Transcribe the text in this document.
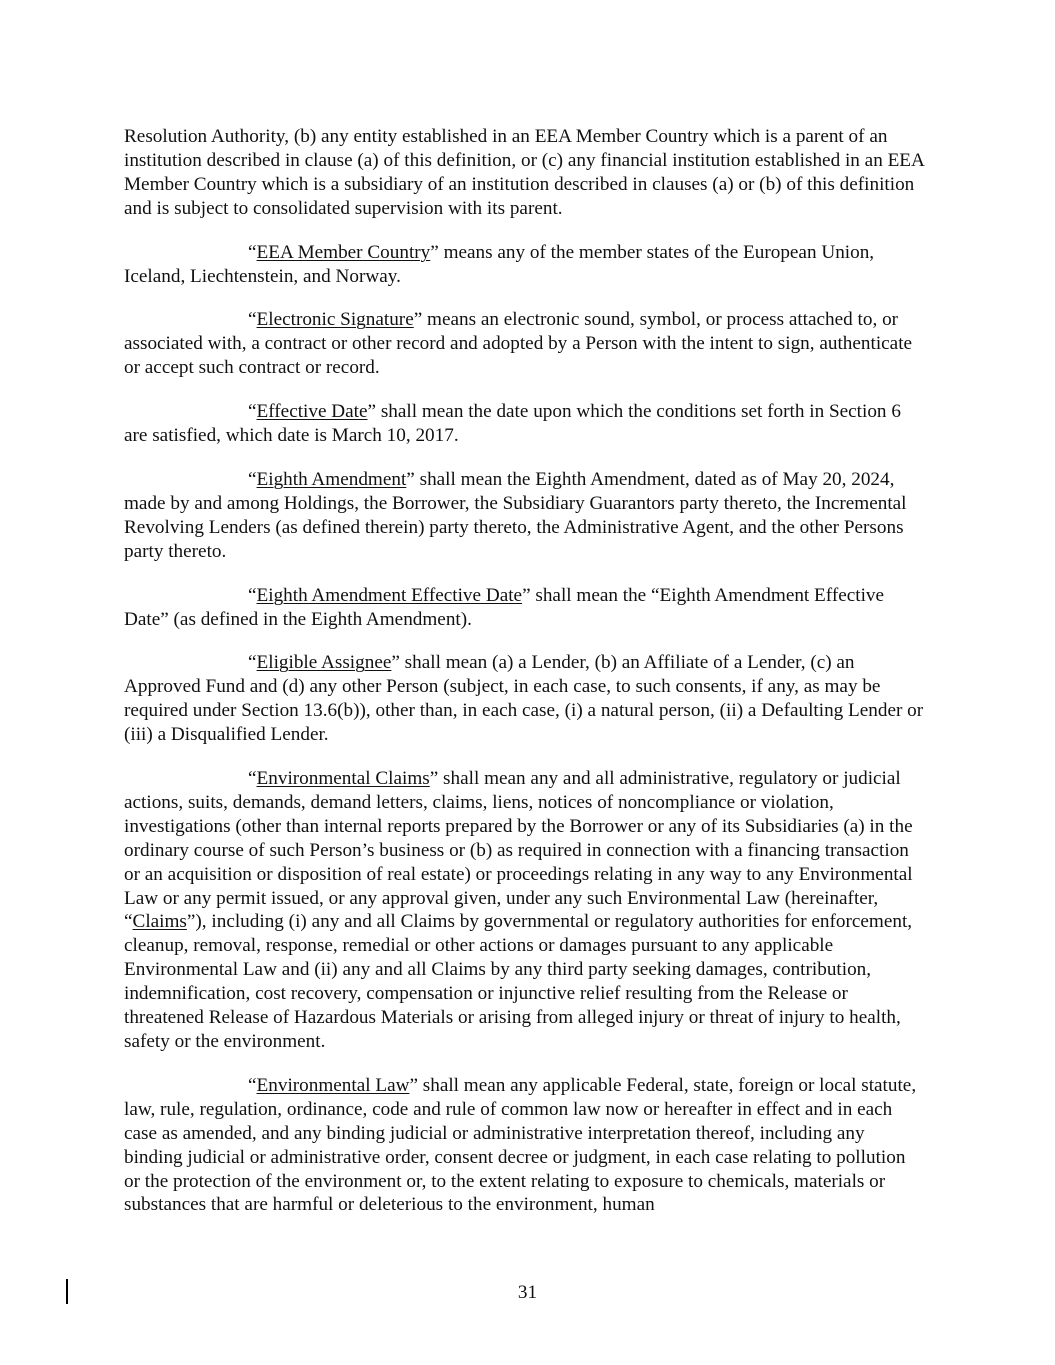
Resolution Authority, (b) any entity established in an EEA Member Country which is a parent of an institution described in clause (a) of this definition, or (c) any financial institution established in an EEA Member Country which is a subsidiary of an institution described in clauses (a) or (b) of this definition and is subject to consolidated supervision with its parent.

“EEA Member Country” means any of the member states of the European Union, Iceland, Liechtenstein, and Norway.

“Electronic Signature” means an electronic sound, symbol, or process attached to, or associated with, a contract or other record and adopted by a Person with the intent to sign, authenticate or accept such contract or record.

“Effective Date” shall mean the date upon which the conditions set forth in Section 6 are satisfied, which date is March 10, 2017.

“Eighth Amendment” shall mean the Eighth Amendment, dated as of May 20, 2024, made by and among Holdings, the Borrower, the Subsidiary Guarantors party thereto, the Incremental Revolving Lenders (as defined therein) party thereto, the Administrative Agent, and the other Persons party thereto.

“Eighth Amendment Effective Date” shall mean the “Eighth Amendment Effective Date” (as defined in the Eighth Amendment).

“Eligible Assignee” shall mean (a) a Lender, (b) an Affiliate of a Lender, (c) an Approved Fund and (d) any other Person (subject, in each case, to such consents, if any, as may be required under Section 13.6(b)), other than, in each case, (i) a natural person, (ii) a Defaulting Lender or (iii) a Disqualified Lender.

“Environmental Claims” shall mean any and all administrative, regulatory or judicial actions, suits, demands, demand letters, claims, liens, notices of noncompliance or violation, investigations (other than internal reports prepared by the Borrower or any of its Subsidiaries (a) in the ordinary course of such Person’s business or (b) as required in connection with a financing transaction or an acquisition or disposition of real estate) or proceedings relating in any way to any Environmental Law or any permit issued, or any approval given, under any such Environmental Law (hereinafter, “Claims”), including (i) any and all Claims by governmental or regulatory authorities for enforcement, cleanup, removal, response, remedial or other actions or damages pursuant to any applicable Environmental Law and (ii) any and all Claims by any third party seeking damages, contribution, indemnification, cost recovery, compensation or injunctive relief resulting from the Release or threatened Release of Hazardous Materials or arising from alleged injury or threat of injury to health, safety or the environment.

“Environmental Law” shall mean any applicable Federal, state, foreign or local statute, law, rule, regulation, ordinance, code and rule of common law now or hereafter in effect and in each case as amended, and any binding judicial or administrative interpretation thereof, including any binding judicial or administrative order, consent decree or judgment, in each case relating to pollution or the protection of the environment or, to the extent relating to exposure to chemicals, materials or substances that are harmful or deleterious to the environment, human

31
